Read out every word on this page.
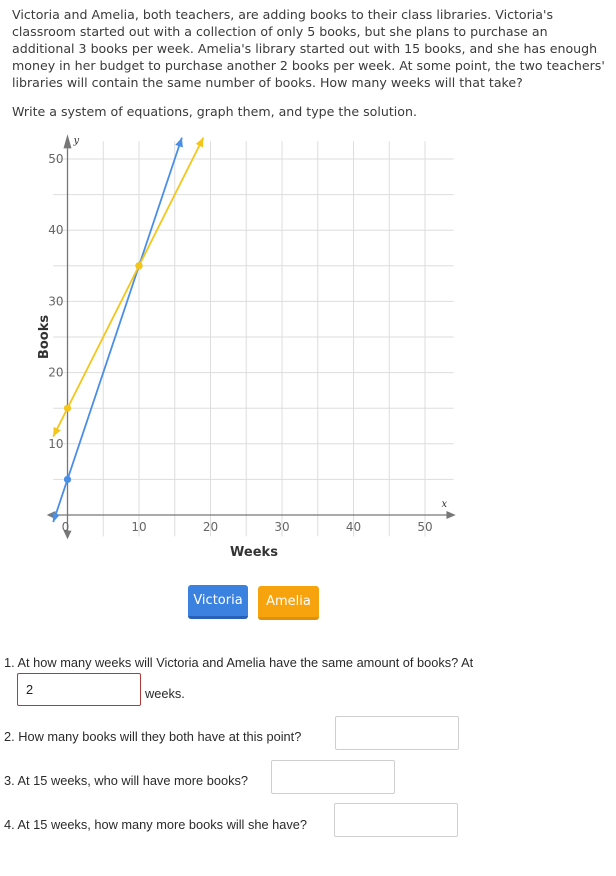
Victoria and Amelia, both teachers, are adding books to their class libraries. Victoria's classroom started out with a collection of only 5 books, but she plans to purchase an additional 3 books per week. Amelia's library started out with 15 books, and she has enough money in her budget to purchase another 2 books per week. At some point, the two teachers' libraries will contain the same number of books. How many weeks will that take?

Write a system of equations, graph them, and type the solution.

0	10	20	30	40	50
10
20
30
40
50
x
y
Weeks
Books
Victoria	Amelia
1. At how many weeks will Victoria and Amelia have the same amount of books? At
2
weeks.
2. How many books will they both have at this point?
3. At 15 weeks, who will have more books?
4. At 15 weeks, how many more books will she have?
